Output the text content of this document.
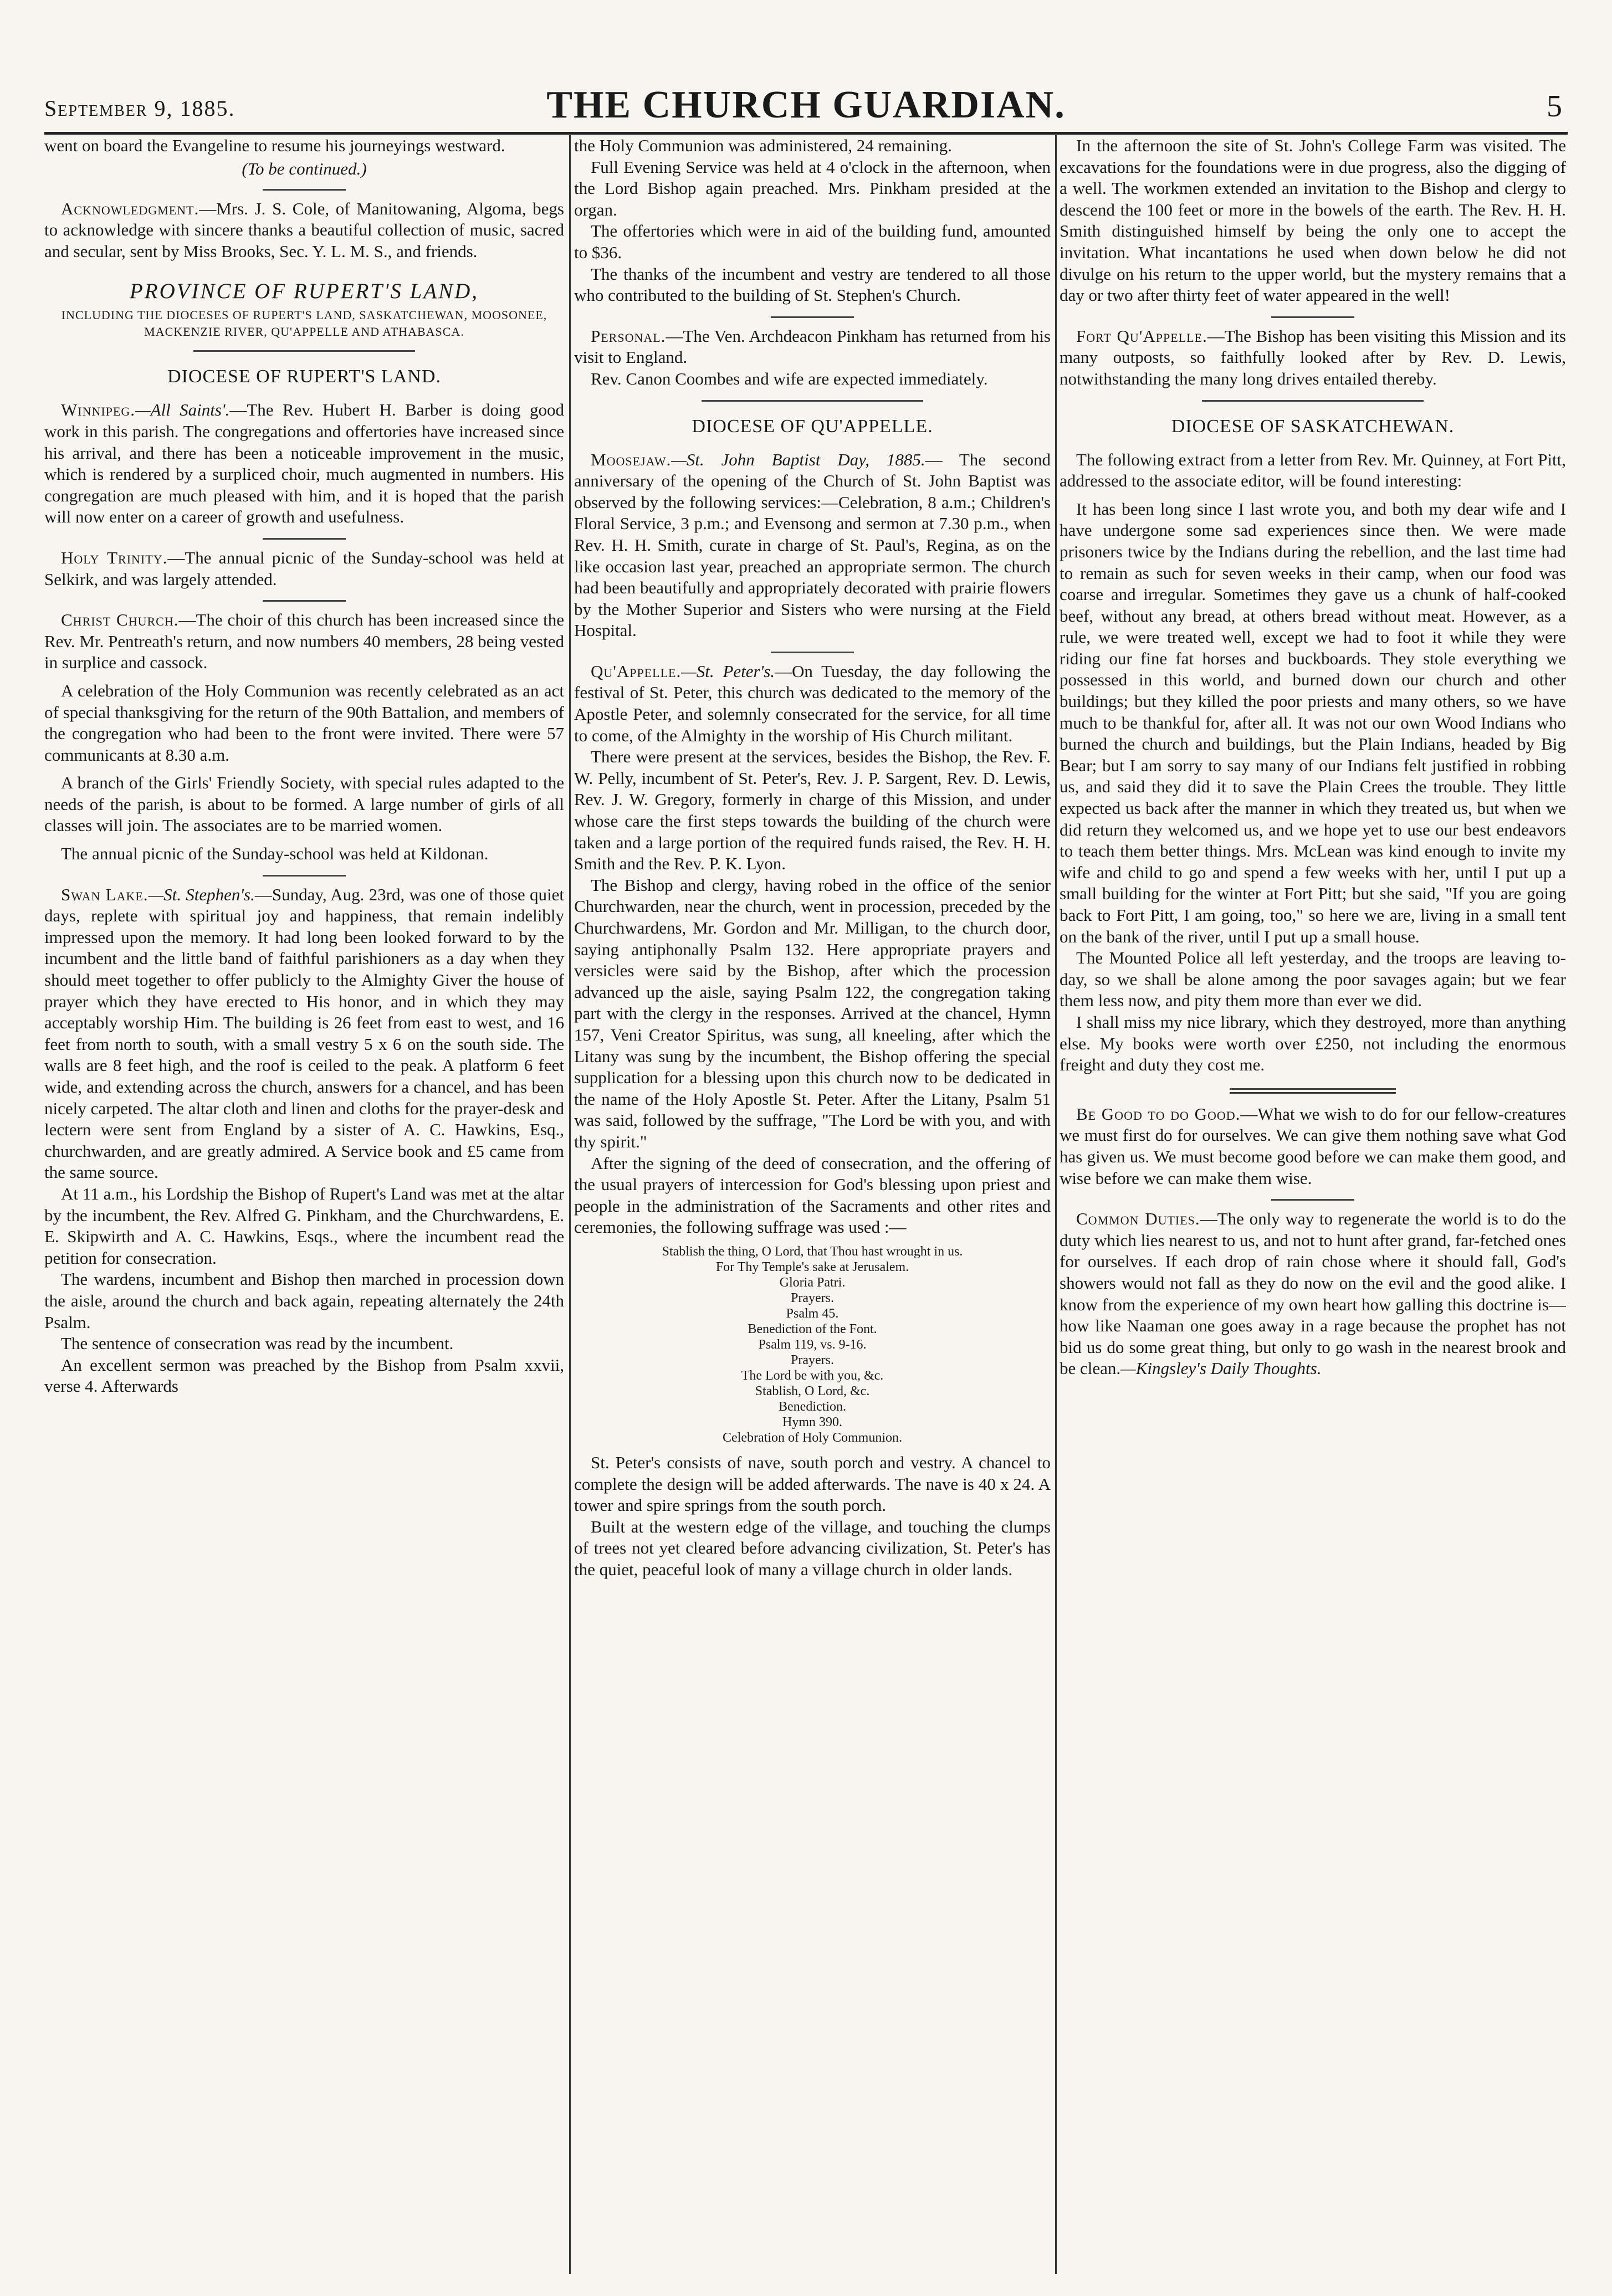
September 9, 1885.	THE CHURCH GUARDIAN.	5

went on board the Evangeline to resume his journeyings westward.

(To be continued.)

Acknowledgment.—Mrs. J. S. Cole, of Manitowaning, Algoma, begs to acknowledge with sincere thanks a beautiful collection of music, sacred and secular, sent by Miss Brooks, Sec. Y. L. M. S., and friends.

PROVINCE OF RUPERT'S LAND,
INCLUDING THE DIOCESES OF RUPERT'S LAND, SASKATCHEWAN, MOOSONEE, MACKENZIE RIVER, QU'APPELLE AND ATHABASCA.
DIOCESE OF RUPERT'S LAND.

Winnipeg.—All Saints'.—The Rev. Hubert H. Barber is doing good work in this parish. The congregations and offertories have increased since his arrival, and there has been a noticeable improvement in the music, which is rendered by a surpliced choir, much augmented in numbers. His congregation are much pleased with him, and it is hoped that the parish will now enter on a career of growth and usefulness.

Holy Trinity.—The annual picnic of the Sunday-school was held at Selkirk, and was largely attended.

Christ Church.—The choir of this church has been increased since the Rev. Mr. Pentreath's return, and now numbers 40 members, 28 being vested in surplice and cassock.

A celebration of the Holy Communion was recently celebrated as an act of special thanksgiving for the return of the 90th Battalion, and members of the congregation who had been to the front were invited. There were 57 communicants at 8.30 a.m.

A branch of the Girls' Friendly Society, with special rules adapted to the needs of the parish, is about to be formed. A large number of girls of all classes will join. The associates are to be married women.

The annual picnic of the Sunday-school was held at Kildonan.

Swan Lake.—St. Stephen's.—Sunday, Aug. 23rd, was one of those quiet days, replete with spiritual joy and happiness, that remain indelibly impressed upon the memory. It had long been looked forward to by the incumbent and the little band of faithful parishioners as a day when they should meet together to offer publicly to the Almighty Giver the house of prayer which they have erected to His honor, and in which they may acceptably worship Him. The building is 26 feet from east to west, and 16 feet from north to south, with a small vestry 5 x 6 on the south side. The walls are 8 feet high, and the roof is ceiled to the peak. A platform 6 feet wide, and extending across the church, answers for a chancel, and has been nicely carpeted. The altar cloth and linen and cloths for the prayer-desk and lectern were sent from England by a sister of A. C. Hawkins, Esq., churchwarden, and are greatly admired. A Service book and £5 came from the same source.

At 11 a.m., his Lordship the Bishop of Rupert's Land was met at the altar by the incumbent, the Rev. Alfred G. Pinkham, and the Churchwardens, E. E. Skipwirth and A. C. Hawkins, Esqs., where the incumbent read the petition for consecration.

The wardens, incumbent and Bishop then marched in procession down the aisle, around the church and back again, repeating alternately the 24th Psalm.

The sentence of consecration was read by the incumbent.

An excellent sermon was preached by the Bishop from Psalm xxvii, verse 4. Afterwards

the Holy Communion was administered, 24 remaining.

Full Evening Service was held at 4 o'clock in the afternoon, when the Lord Bishop again preached. Mrs. Pinkham presided at the organ.

The offertories which were in aid of the building fund, amounted to $36.

The thanks of the incumbent and vestry are tendered to all those who contributed to the building of St. Stephen's Church.

Personal.—The Ven. Archdeacon Pinkham has returned from his visit to England.

Rev. Canon Coombes and wife are expected immediately.

DIOCESE OF QU'APPELLE.

Moosejaw.—St. John Baptist Day, 1885.— The second anniversary of the opening of the Church of St. John Baptist was observed by the following services:—Celebration, 8 a.m.; Children's Floral Service, 3 p.m.; and Evensong and sermon at 7.30 p.m., when Rev. H. H. Smith, curate in charge of St. Paul's, Regina, as on the like occasion last year, preached an appropriate sermon. The church had been beautifully and appropriately decorated with prairie flowers by the Mother Superior and Sisters who were nursing at the Field Hospital.

Qu'Appelle.—St. Peter's.—On Tuesday, the day following the festival of St. Peter, this church was dedicated to the memory of the Apostle Peter, and solemnly consecrated for the service, for all time to come, of the Almighty in the worship of His Church militant.

There were present at the services, besides the Bishop, the Rev. F. W. Pelly, incumbent of St. Peter's, Rev. J. P. Sargent, Rev. D. Lewis, Rev. J. W. Gregory, formerly in charge of this Mission, and under whose care the first steps towards the building of the church were taken and a large portion of the required funds raised, the Rev. H. H. Smith and the Rev. P. K. Lyon.

The Bishop and clergy, having robed in the office of the senior Churchwarden, near the church, went in procession, preceded by the Churchwardens, Mr. Gordon and Mr. Milligan, to the church door, saying antiphonally Psalm 132. Here appropriate prayers and versicles were said by the Bishop, after which the procession advanced up the aisle, saying Psalm 122, the congregation taking part with the clergy in the responses. Arrived at the chancel, Hymn 157, Veni Creator Spiritus, was sung, all kneeling, after which the Litany was sung by the incumbent, the Bishop offering the special supplication for a blessing upon this church now to be dedicated in the name of the Holy Apostle St. Peter. After the Litany, Psalm 51 was said, followed by the suffrage, "The Lord be with you, and with thy spirit."

After the signing of the deed of consecration, and the offering of the usual prayers of intercession for God's blessing upon priest and people in the administration of the Sacraments and other rites and ceremonies, the following suffrage was used :—

Stablish the thing, O Lord, that Thou hast wrought in us.
For Thy Temple's sake at Jerusalem.
Gloria Patri.
Prayers.
Psalm 45.
Benediction of the Font.
Psalm 119, vs. 9-16.
Prayers.
The Lord be with you, &c.
Stablish, O Lord, &c.
Benediction.
Hymn 390.
Celebration of Holy Communion.

St. Peter's consists of nave, south porch and vestry. A chancel to complete the design will be added afterwards. The nave is 40 x 24. A tower and spire springs from the south porch.

Built at the western edge of the village, and touching the clumps of trees not yet cleared before advancing civilization, St. Peter's has the quiet, peaceful look of many a village church in older lands.

In the afternoon the site of St. John's College Farm was visited. The excavations for the foundations were in due progress, also the digging of a well. The workmen extended an invitation to the Bishop and clergy to descend the 100 feet or more in the bowels of the earth. The Rev. H. H. Smith distinguished himself by being the only one to accept the invitation. What incantations he used when down below he did not divulge on his return to the upper world, but the mystery remains that a day or two after thirty feet of water appeared in the well!

Fort Qu'Appelle.—The Bishop has been visiting this Mission and its many outposts, so faithfully looked after by Rev. D. Lewis, notwithstanding the many long drives entailed thereby.

DIOCESE OF SASKATCHEWAN.

The following extract from a letter from Rev. Mr. Quinney, at Fort Pitt, addressed to the associate editor, will be found interesting:

It has been long since I last wrote you, and both my dear wife and I have undergone some sad experiences since then. We were made prisoners twice by the Indians during the rebellion, and the last time had to remain as such for seven weeks in their camp, when our food was coarse and irregular. Sometimes they gave us a chunk of half-cooked beef, without any bread, at others bread without meat. However, as a rule, we were treated well, except we had to foot it while they were riding our fine fat horses and buckboards. They stole everything we possessed in this world, and burned down our church and other buildings; but they killed the poor priests and many others, so we have much to be thankful for, after all. It was not our own Wood Indians who burned the church and buildings, but the Plain Indians, headed by Big Bear; but I am sorry to say many of our Indians felt justified in robbing us, and said they did it to save the Plain Crees the trouble. They little expected us back after the manner in which they treated us, but when we did return they welcomed us, and we hope yet to use our best endeavors to teach them better things. Mrs. McLean was kind enough to invite my wife and child to go and spend a few weeks with her, until I put up a small building for the winter at Fort Pitt; but she said, "If you are going back to Fort Pitt, I am going, too," so here we are, living in a small tent on the bank of the river, until I put up a small house.

The Mounted Police all left yesterday, and the troops are leaving to-day, so we shall be alone among the poor savages again; but we fear them less now, and pity them more than ever we did.

I shall miss my nice library, which they destroyed, more than anything else. My books were worth over £250, not including the enormous freight and duty they cost me.

Be Good to do Good.—What we wish to do for our fellow-creatures we must first do for ourselves. We can give them nothing save what God has given us. We must become good before we can make them good, and wise before we can make them wise.

Common Duties.—The only way to regenerate the world is to do the duty which lies nearest to us, and not to hunt after grand, far-fetched ones for ourselves. If each drop of rain chose where it should fall, God's showers would not fall as they do now on the evil and the good alike. I know from the experience of my own heart how galling this doctrine is—how like Naaman one goes away in a rage because the prophet has not bid us do some great thing, but only to go wash in the nearest brook and be clean.—Kingsley's Daily Thoughts.
